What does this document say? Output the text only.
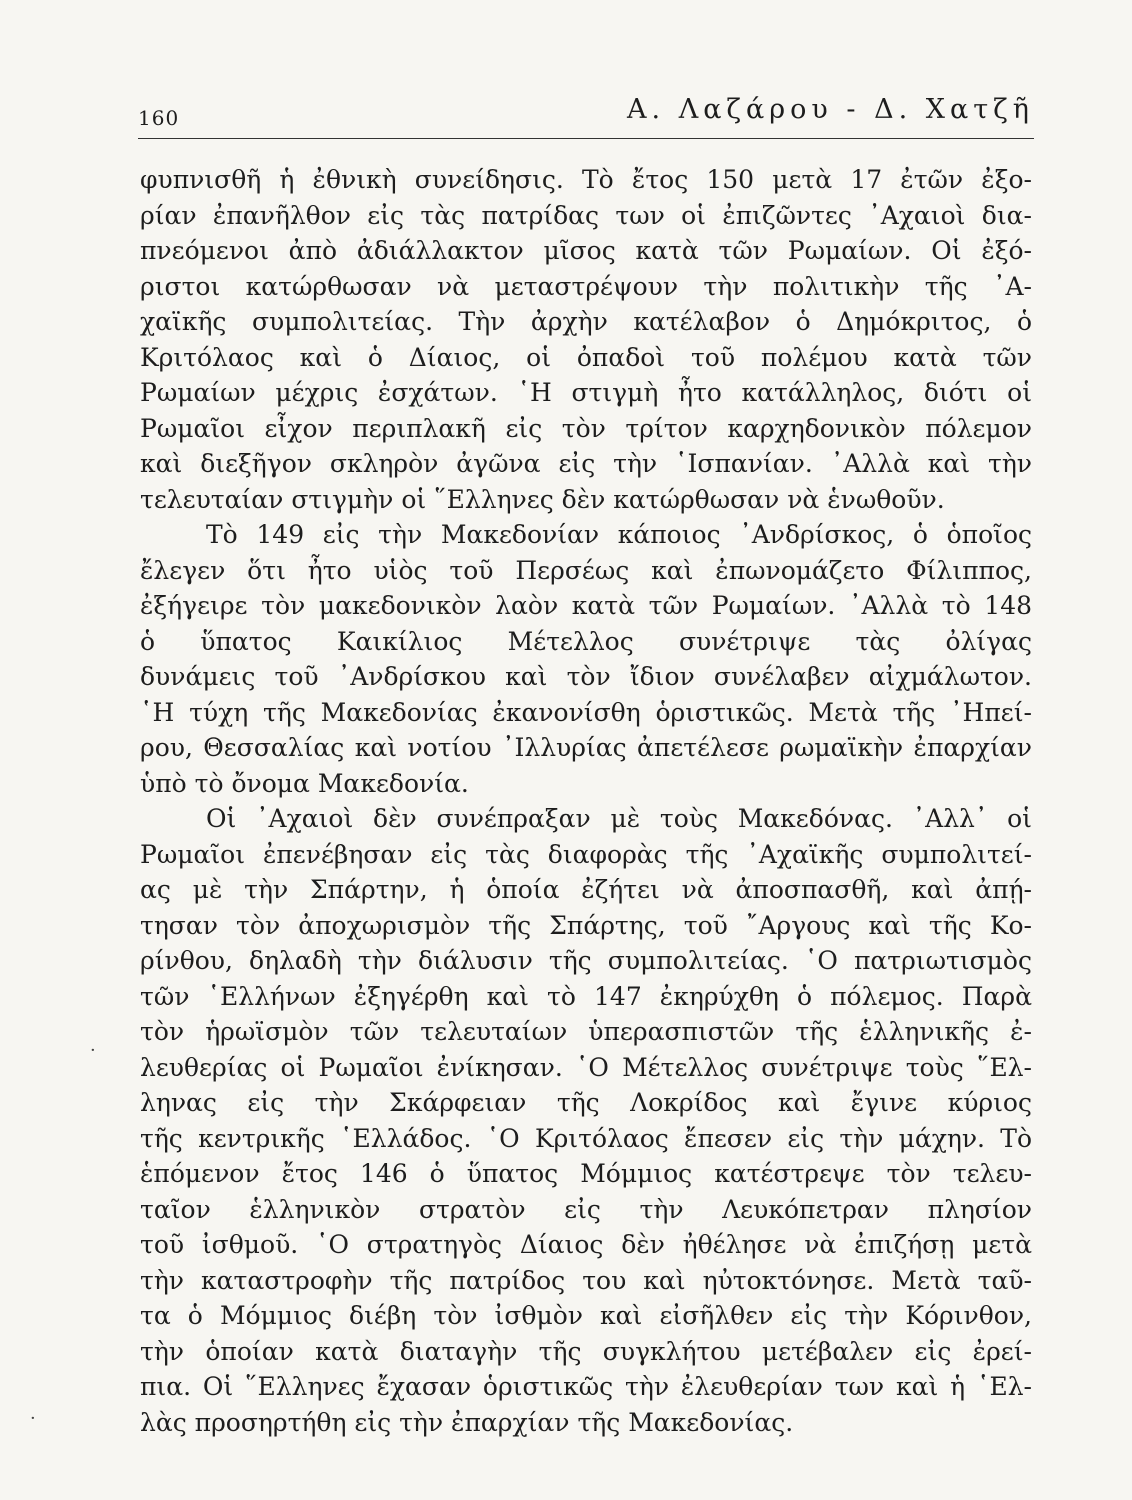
160	Α. Λαζάρου - Δ. Χατζῆ
φυπνισθῆ ἡ ἐθνικὴ συνείδησις. Τὸ ἔτος 150 μετὰ 17 ἐτῶν ἐξο-
ρίαν ἐπανῆλθον εἰς τὰς πατρίδας των οἱ ἐπιζῶντες ᾿Αχαιοὶ δια-
πνεόμενοι ἀπὸ ἀδιάλλακτον μῖσος κατὰ τῶν Ρωμαίων. Οἱ ἐξό-
ριστοι κατώρθωσαν νὰ μεταστρέψουν τὴν πολιτικὴν τῆς ᾿Α-
χαϊκῆς συμπολιτείας. Τὴν ἀρχὴν κατέλαβον ὁ Δημόκριτος, ὁ
Κριτόλαος καὶ ὁ Δίαιος, οἱ ὀπαδοὶ τοῦ πολέμου κατὰ τῶν
Ρωμαίων μέχρις ἐσχάτων. ῾Η στιγμὴ ἦτο κατάλληλος, διότι οἱ
Ρωμαῖοι εἶχον περιπλακῆ εἰς τὸν τρίτον καρχηδονικὸν πόλεμον
καὶ διεξῆγον σκληρὸν ἀγῶνα εἰς τὴν ῾Ισπανίαν. ᾿Αλλὰ καὶ τὴν
τελευταίαν στιγμὴν οἱ ῞Ελληνες δὲν κατώρθωσαν νὰ ἑνωθοῦν.
Τὸ 149 εἰς τὴν Μακεδονίαν κάποιος ᾿Ανδρίσκος, ὁ ὁποῖος
ἔλεγεν ὅτι ἦτο υἱὸς τοῦ Περσέως καὶ ἐπωνομάζετο Φίλιππος,
ἐξήγειρε τὸν μακεδονικὸν λαὸν κατὰ τῶν Ρωμαίων. ᾿Αλλὰ τὸ 148
ὁ ὕπατος Καικίλιος Μέτελλος συνέτριψε τὰς ὀλίγας
δυνάμεις τοῦ ᾿Ανδρίσκου καὶ τὸν ἴδιον συνέλαβεν αἰχμάλωτον.
῾Η τύχη τῆς Μακεδονίας ἐκανονίσθη ὁριστικῶς. Μετὰ τῆς ᾿Ηπεί-
ρου, Θεσσαλίας καὶ νοτίου ᾿Ιλλυρίας ἀπετέλεσε ρωμαϊκὴν ἐπαρχίαν
ὑπὸ τὸ ὄνομα Μακεδονία.
Οἱ ᾿Αχαιοὶ δὲν συνέπραξαν μὲ τοὺς Μακεδόνας. ᾿Αλλ᾿ οἱ
Ρωμαῖοι ἐπενέβησαν εἰς τὰς διαφορὰς τῆς ᾿Αχαϊκῆς συμπολιτεί-
ας μὲ τὴν Σπάρτην, ἡ ὁποία ἐζήτει νὰ ἀποσπασθῆ, καὶ ἀπῄ-
τησαν τὸν ἀποχωρισμὸν τῆς Σπάρτης, τοῦ ῎Αργους καὶ τῆς Κο-
ρίνθου, δηλαδὴ τὴν διάλυσιν τῆς συμπολιτείας. ῾Ο πατριωτισμὸς
τῶν ῾Ελλήνων ἐξηγέρθη καὶ τὸ 147 ἐκηρύχθη ὁ πόλεμος. Παρὰ
τὸν ἡρωϊσμὸν τῶν τελευταίων ὑπερασπιστῶν τῆς ἑλληνικῆς ἐ-
λευθερίας οἱ Ρωμαῖοι ἐνίκησαν. ῾Ο Μέτελλος συνέτριψε τοὺς ῞Ελ-
ληνας εἰς τὴν Σκάρφειαν τῆς Λοκρίδος καὶ ἔγινε κύριος
τῆς κεντρικῆς ῾Ελλάδος. ῾Ο Κριτόλαος ἔπεσεν εἰς τὴν μάχην. Τὸ
ἑπόμενον ἔτος 146 ὁ ὕπατος Μόμμιος κατέστρεψε τὸν τελευ-
ταῖον ἑλληνικὸν στρατὸν εἰς τὴν Λευκόπετραν πλησίον
τοῦ ἰσθμοῦ. ῾Ο στρατηγὸς Δίαιος δὲν ἠθέλησε νὰ ἐπιζήσῃ μετὰ
τὴν καταστροφὴν τῆς πατρίδος του καὶ ηὐτοκτόνησε. Μετὰ ταῦ-
τα ὁ Μόμμιος διέβη τὸν ἰσθμὸν καὶ εἰσῆλθεν εἰς τὴν Κόρινθον,
τὴν ὁποίαν κατὰ διαταγὴν τῆς συγκλήτου μετέβαλεν εἰς ἐρεί-
πια. Οἱ ῞Ελληνες ἔχασαν ὁριστικῶς τὴν ἐλευθερίαν των καὶ ἡ ῾Ελ-
λὰς προσηρτήθη εἰς τὴν ἐπαρχίαν τῆς Μακεδονίας.
·
·
